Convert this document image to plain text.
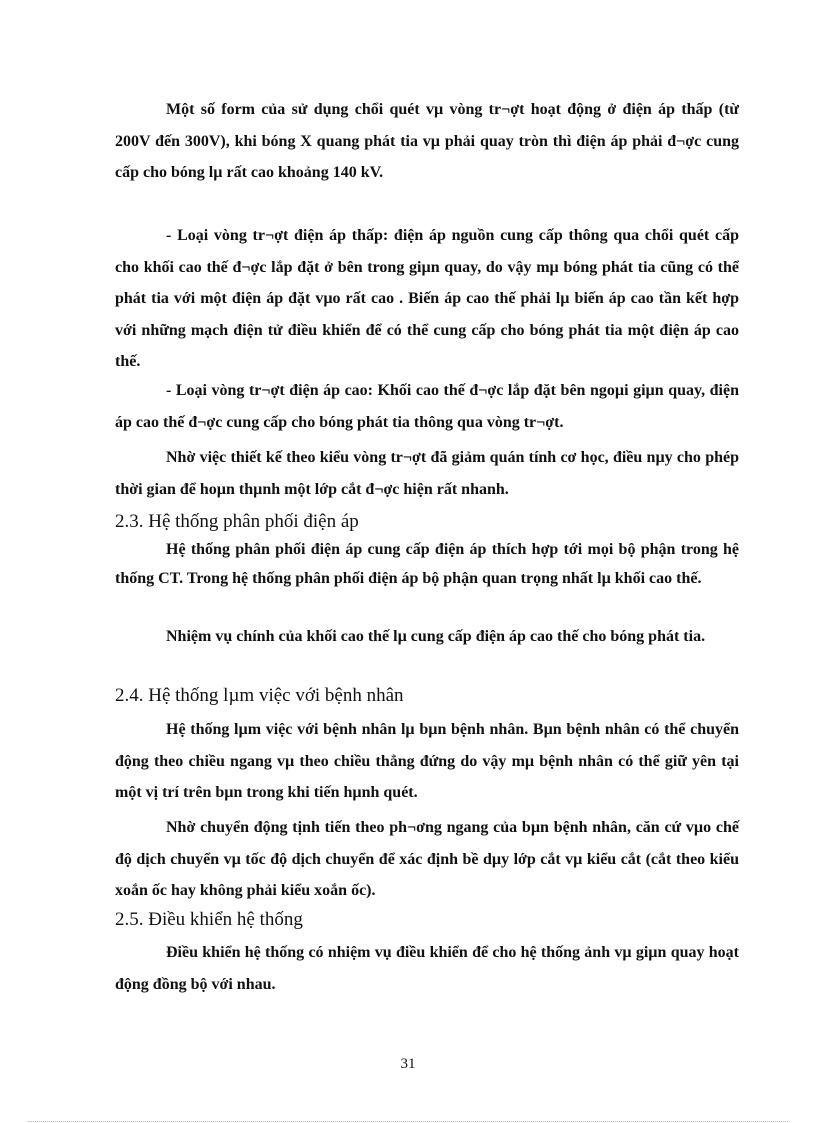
Một số form của sử dụng chổi quét vµ vòng tr¬ợt hoạt động ở điện áp thấp (từ 200V đến 300V), khi bóng X quang phát tia vµ phải quay tròn thì điện áp phải đ¬ợc cung cấp cho bóng lµ rất cao khoảng 140 kV.

- Loại vòng tr¬ợt điện áp thấp: điện áp nguồn cung cấp thông qua chổi quét cấp cho khối cao thế đ¬ợc lắp đặt ở bên trong giµn quay, do vậy mµ bóng phát tia cũng có thể phát tia với một điện áp đặt vµo rất cao . Biến áp cao thế phải lµ biến áp cao tần kết hợp với những mạch điện tử điều khiển để có thể cung cấp cho bóng phát tia một điện áp cao thế.

- Loại vòng tr¬ợt điện áp cao: Khối cao thế đ¬ợc lắp đặt bên ngoµi giµn quay, điện áp cao thế đ¬ợc cung cấp cho bóng phát tia thông qua vòng tr¬ợt.

Nhờ việc thiết kế theo kiểu vòng tr¬ợt đã giảm quán tính cơ học, điều nµy cho phép thời gian để hoµn thµnh một lớp cắt đ¬ợc hiện rất nhanh.

2.3. Hệ thống phân phối điện áp

Hệ thống phân phối điện áp cung cấp điện áp thích hợp tới mọi bộ phận trong hệ thống CT. Trong hệ thống phân phối điện áp bộ phận quan trọng nhất lµ khối cao thế.

Nhiệm vụ chính của khối cao thế lµ cung cấp điện áp cao thế cho bóng phát tia.

2.4. Hệ thống lµm việc với bệnh nhân

Hệ thống lµm việc với bệnh nhân lµ bµn bệnh nhân. Bµn bệnh nhân có thể chuyển động theo chiều ngang vµ theo chiều thẳng đứng do vậy mµ bệnh nhân có thể giữ yên tại một vị trí trên bµn trong khi tiến hµnh quét.

Nhờ chuyển động tịnh tiến theo ph¬ơng ngang của bµn bệnh nhân, căn cứ vµo chế độ dịch chuyển vµ tốc độ dịch chuyển để xác định bề dµy lớp cắt vµ kiểu cắt (cắt theo kiểu xoắn ốc hay không phải kiểu xoắn ốc).

2.5. Điều khiển hệ thống

Điều khiển hệ thống có nhiệm vụ điều khiển để cho hệ thống ảnh vµ giµn quay hoạt động đồng bộ với nhau.

31
